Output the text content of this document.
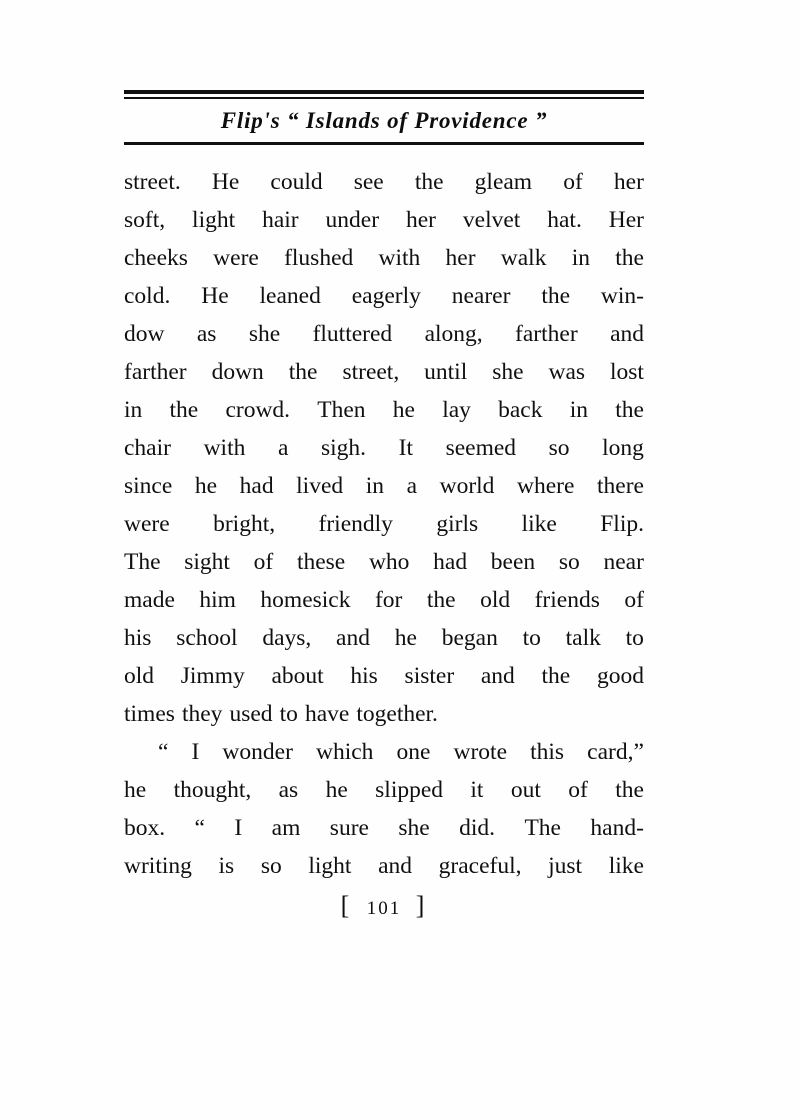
Flip's “ Islands of Providence ”

street. He could see the gleam of her
soft, light hair under her velvet hat. Her
cheeks were flushed with her walk in the
cold. He leaned eagerly nearer the win-
dow as she fluttered along, farther and
farther down the street, until she was lost
in the crowd. Then he lay back in the
chair with a sigh. It seemed so long
since he had lived in a world where there
were bright, friendly girls like Flip.
The sight of these who had been so near
made him homesick for the old friends of
his school days, and he began to talk to
old Jimmy about his sister and the good
times they used to have together.

“ I wonder which one wrote this card,”
he thought, as he slipped it out of the
box. “ I am sure she did. The hand-
writing is so light and graceful, just like

[ 101 ]
